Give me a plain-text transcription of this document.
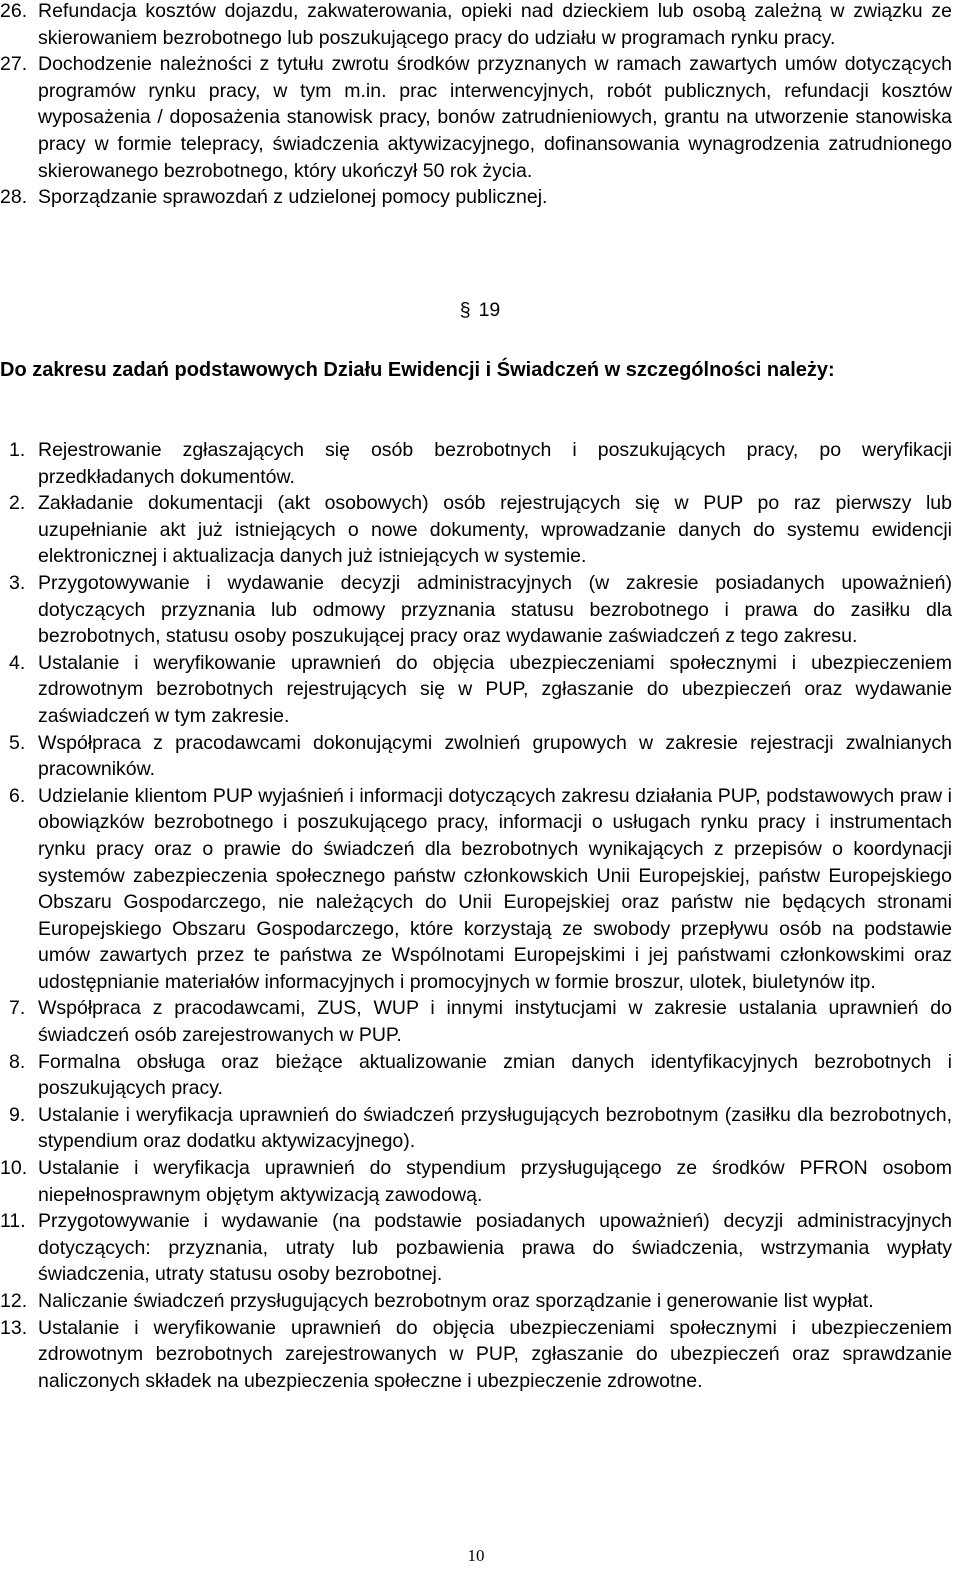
26. Refundacja kosztów dojazdu, zakwaterowania, opieki nad dzieckiem lub osobą zależną w związku ze skierowaniem bezrobotnego lub poszukującego pracy do udziału w programach rynku pracy.
27. Dochodzenie należności z tytułu zwrotu środków przyznanych w ramach zawartych umów dotyczących programów rynku pracy, w tym m.in. prac interwencyjnych, robót publicznych, refundacji kosztów wyposażenia / doposażenia stanowisk pracy, bonów zatrudnieniowych, grantu na utworzenie stanowiska pracy w formie telepracy, świadczenia aktywizacyjnego, dofinansowania wynagrodzenia zatrudnionego skierowanego bezrobotnego, który ukończył 50 rok życia.
28. Sporządzanie sprawozdań z udzielonej pomocy publicznej.
§ 19
Do zakresu zadań podstawowych Działu Ewidencji i Świadczeń w szczególności należy:
1. Rejestrowanie zgłaszających się osób bezrobotnych i poszukujących pracy, po weryfikacji przedkładanych dokumentów.
2. Zakładanie dokumentacji (akt osobowych) osób rejestrujących się w PUP po raz pierwszy lub uzupełnianie akt już istniejących o nowe dokumenty, wprowadzanie danych do systemu ewidencji elektronicznej i aktualizacja danych już istniejących w systemie.
3. Przygotowywanie i wydawanie decyzji administracyjnych (w zakresie posiadanych upoważnień) dotyczących przyznania lub odmowy przyznania statusu bezrobotnego i prawa do zasiłku dla bezrobotnych, statusu osoby poszukującej pracy oraz wydawanie zaświadczeń z tego zakresu.
4. Ustalanie i weryfikowanie uprawnień do objęcia ubezpieczeniami społecznymi i ubezpieczeniem zdrowotnym bezrobotnych rejestrujących się w PUP, zgłaszanie do ubezpieczeń oraz wydawanie zaświadczeń w tym zakresie.
5. Współpraca z pracodawcami dokonującymi zwolnień grupowych w zakresie rejestracji zwalnianych pracowników.
6. Udzielanie klientom PUP wyjaśnień i informacji dotyczących zakresu działania PUP, podstawowych praw i obowiązków bezrobotnego i poszukującego pracy, informacji o usługach rynku pracy i instrumentach rynku pracy oraz o prawie do świadczeń dla bezrobotnych wynikających z przepisów o koordynacji systemów zabezpieczenia społecznego państw członkowskich Unii Europejskiej, państw Europejskiego Obszaru Gospodarczego, nie należących do Unii Europejskiej oraz państw nie będących stronami Europejskiego Obszaru Gospodarczego, które korzystają ze swobody przepływu osób na podstawie umów zawartych przez te państwa ze Wspólnotami Europejskimi i jej państwami członkowskimi oraz udostępnianie materiałów informacyjnych i promocyjnych w formie broszur, ulotek, biuletynów itp.
7. Współpraca z pracodawcami, ZUS, WUP i innymi instytucjami w zakresie ustalania uprawnień do świadczeń osób zarejestrowanych w PUP.
8. Formalna obsługa oraz bieżące aktualizowanie zmian danych identyfikacyjnych bezrobotnych i poszukujących pracy.
9. Ustalanie i weryfikacja uprawnień do świadczeń przysługujących bezrobotnym (zasiłku dla bezrobotnych, stypendium oraz dodatku aktywizacyjnego).
10. Ustalanie i weryfikacja uprawnień do stypendium przysługującego ze środków PFRON osobom niepełnosprawnym objętym aktywizacją zawodową.
11. Przygotowywanie i wydawanie (na podstawie posiadanych upoważnień) decyzji administracyjnych dotyczących: przyznania, utraty lub pozbawienia prawa do świadczenia, wstrzymania wypłaty świadczenia, utraty statusu osoby bezrobotnej.
12. Naliczanie świadczeń przysługujących bezrobotnym oraz sporządzanie i generowanie list wypłat.
13. Ustalanie i weryfikowanie uprawnień do objęcia ubezpieczeniami społecznymi i ubezpieczeniem zdrowotnym bezrobotnych zarejestrowanych w PUP, zgłaszanie do ubezpieczeń oraz sprawdzanie naliczonych składek na ubezpieczenia społeczne i ubezpieczenie zdrowotne.
10
